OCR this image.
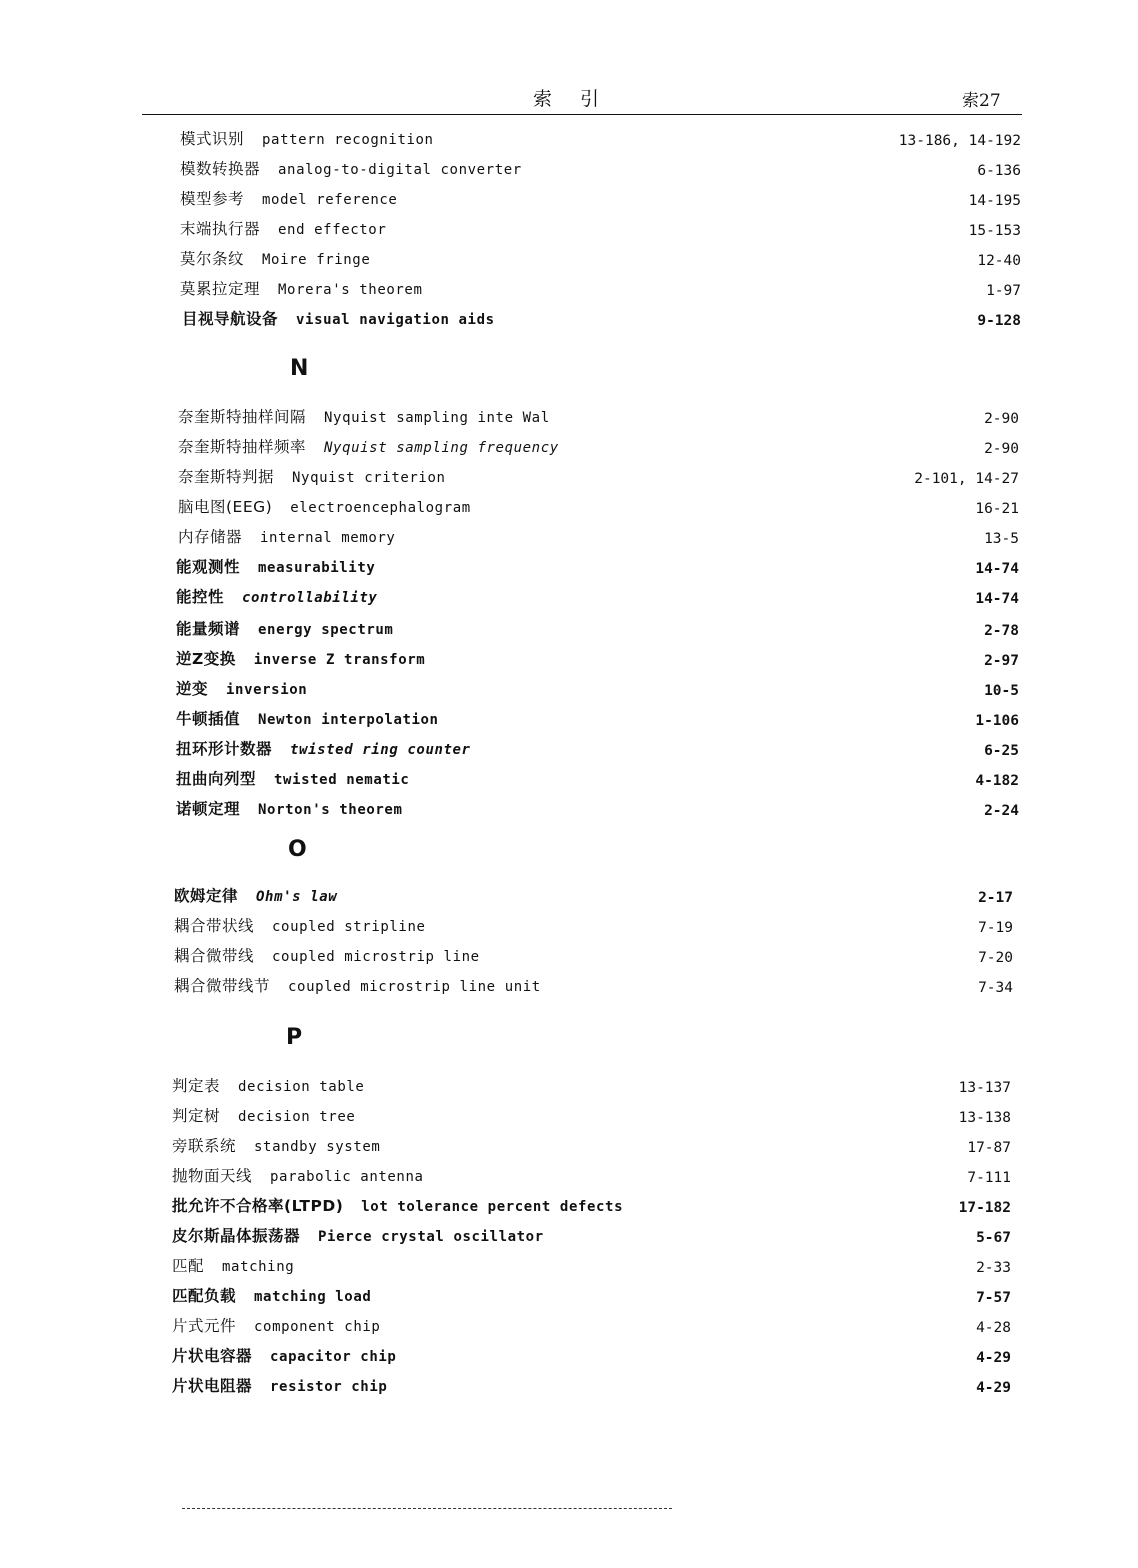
索引	索27
模式识别 pattern recognition	13-186, 14-192
模数转换器 analog-to-digital converter	6-136
模型参考 model reference	14-195
末端执行器 end effector	15-153
莫尔条纹 Moire fringe	12-40
莫累拉定理 Morera's theorem	1-97
目视导航设备 visual navigation aids	9-128
N
奈奎斯特抽样间隔 Nyquist sampling inte Wal	2-90
奈奎斯特抽样频率 Nyquist sampling frequency	2-90
奈奎斯特判据 Nyquist criterion	2-101, 14-27
脑电图(EEG) electroencephalogram	16-21
内存储器 internal memory	13-5
能观测性 measurability	14-74
能控性 controllability	14-74
能量频谱 energy spectrum	2-78
逆Z变换 inverse Z transform	2-97
逆变 inversion	10-5
牛顿插值 Newton interpolation	1-106
扭环形计数器 twisted ring counter	6-25
扭曲向列型 twisted nematic	4-182
诺顿定理 Norton's theorem	2-24
O
欧姆定律 Ohm's law	2-17
耦合带状线 coupled stripline	7-19
耦合微带线 coupled microstrip line	7-20
耦合微带线节 coupled microstrip line unit	7-34
P
判定表 decision table	13-137
判定树 decision tree	13-138
旁联系统 standby system	17-87
抛物面天线 parabolic antenna	7-111
批允许不合格率(LTPD) lot tolerance percent defects	17-182
皮尔斯晶体振荡器 Pierce crystal oscillator	5-67
匹配 matching	2-33
匹配负载 matching load	7-57
片式元件 component chip	4-28
片状电容器 capacitor chip	4-29
片状电阻器 resistor chip	4-29
